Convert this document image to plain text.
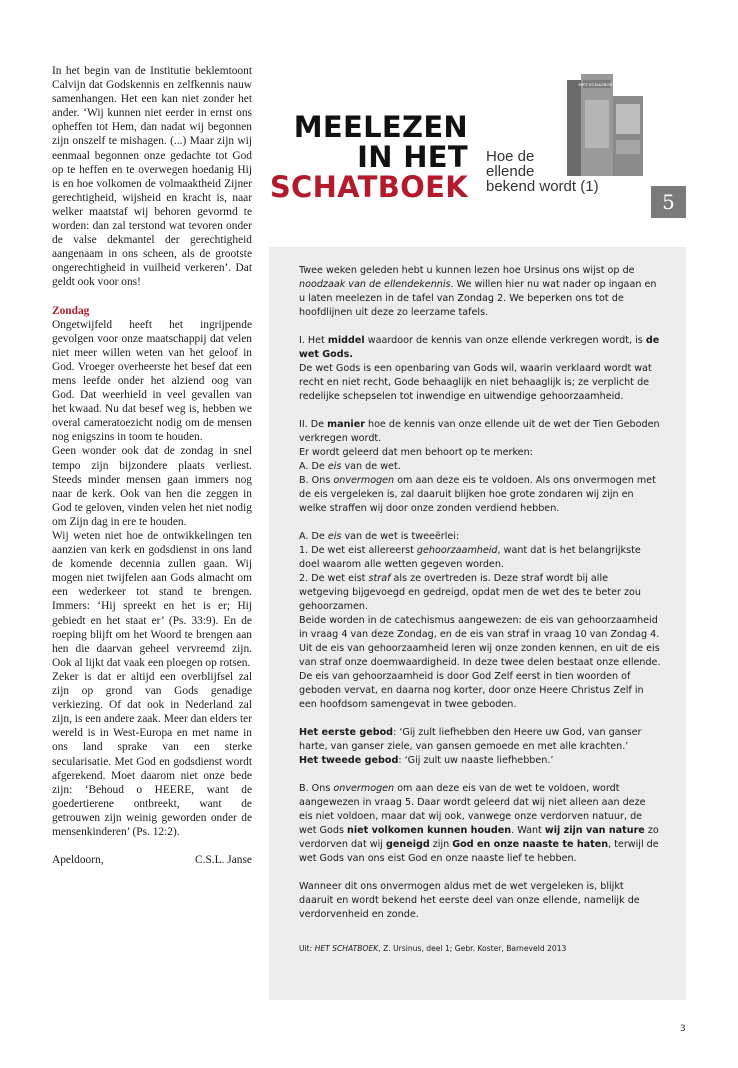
In het begin van de Institutie beklemtoont Calvijn dat Godskennis en zelfkennis nauw samenhangen. Het een kan niet zonder het ander. ‘Wij kunnen niet eerder in ernst ons opheffen tot Hem, dan nadat wij begonnen zijn onszelf te mishagen. (...) Maar zijn wij eenmaal begonnen onze gedachte tot God op te heffen en te overwegen hoedanig Hij is en hoe volkomen de volmaaktheid Zijner gerechtigheid, wijsheid en kracht is, naar welker maatstaf wij behoren gevormd te worden: dan zal terstond wat tevoren onder de valse dekmantel der gerechtigheid aangenaam in ons scheen, als de grootste ongerechtigheid in vuilheid verkeren’. Dat geldt ook voor ons!

Zondag

Ongetwijfeld heeft het ingrijpende gevolgen voor onze maatschappij dat velen niet meer willen weten van het geloof in God. Vroeger overheerste het besef dat een mens leefde onder het alziend oog van God. Dat weerhield in veel gevallen van het kwaad. Nu dat besef weg is, hebben we overal cameratoezicht nodig om de mensen nog enigszins in toom te houden.

Geen wonder ook dat de zondag in snel tempo zijn bijzondere plaats verliest. Steeds minder mensen gaan immers nog naar de kerk. Ook van hen die zeggen in God te geloven, vinden velen het niet nodig om Zijn dag in ere te houden.

Wij weten niet hoe de ontwikkelingen ten aanzien van kerk en godsdienst in ons land de komende decennia zullen gaan. Wij mogen niet twijfelen aan Gods almacht om een wederkeer tot stand te brengen. Immers: ‘Hij spreekt en het is er; Hij gebiedt en het staat er’ (Ps. 33:9). En de roeping blijft om het Woord te brengen aan hen die daarvan geheel vervreemd zijn. Ook al lijkt dat vaak een ploegen op rotsen.

Zeker is dat er altijd een overblijfsel zal zijn op grond van Gods genadige verkiezing. Of dat ook in Nederland zal zijn, is een andere zaak. Meer dan elders ter wereld is in West-Europa en met name in ons land sprake van een sterke secularisatie. Met God en godsdienst wordt afgerekend. Moet daarom niet onze bede zijn: ‘Behoud o HEERE, want de goedertierene ontbreekt, want de getrouwen zijn weinig geworden onder de mensenkinderen’ (Ps. 12:2).

Apeldoorn,	C.S.L. Janse
MEELEZEN
IN HET
SCHATBOEK
Hoe de
ellende
bekend wordt (1)
HET SCHATBOEK
5

Twee weken geleden hebt u kunnen lezen hoe Ursinus ons wijst op de noodzaak van de ellendekennis. We willen hier nu wat nader op ingaan en u laten meelezen in de tafel van Zondag 2. We beperken ons tot de hoofdlijnen uit deze zo leerzame tafels.

I. Het middel waardoor de kennis van onze ellende verkregen wordt, is de wet Gods.
De wet Gods is een openbaring van Gods wil, waarin verklaard wordt wat recht en niet recht, Gode behaaglijk en niet behaaglijk is; ze verplicht de redelijke schepselen tot inwendige en uitwendige gehoorzaamheid.

II. De manier hoe de kennis van onze ellende uit de wet der Tien Geboden verkregen wordt.
Er wordt geleerd dat men behoort op te merken:
A. De eis van de wet.
B. Ons onvermogen om aan deze eis te voldoen. Als ons onvermogen met de eis vergeleken is, zal daaruit blijken hoe grote zondaren wij zijn en welke straffen wij door onze zonden verdiend hebben.

A. De eis van de wet is tweeërlei:
1. De wet eist allereerst gehoorzaamheid, want dat is het belangrijkste doel waarom alle wetten gegeven worden.
2. De wet eist straf als ze overtreden is. Deze straf wordt bij alle wetgeving bijgevoegd en gedreigd, opdat men de wet des te beter zou gehoorzamen.
Beide worden in de catechismus aangewezen: de eis van gehoorzaamheid in vraag 4 van deze Zondag, en de eis van straf in vraag 10 van Zondag 4.
Uit de eis van gehoorzaamheid leren wij onze zonden kennen, en uit de eis van straf onze doemwaardigheid. In deze twee delen bestaat onze ellende.
De eis van gehoorzaamheid is door God Zelf eerst in tien woorden of geboden vervat, en daarna nog korter, door onze Heere Christus Zelf in een hoofdsom samengevat in twee geboden.

Het eerste gebod: ‘Gij zult liefhebben den Heere uw God, van ganser harte, van ganser ziele, van gansen gemoede en met alle krachten.’
Het tweede gebod: ‘Gij zult uw naaste liefhebben.’

B. Ons onvermogen om aan deze eis van de wet te voldoen, wordt aangewezen in vraag 5. Daar wordt geleerd dat wij niet alleen aan deze eis niet voldoen, maar dat wij ook, vanwege onze verdorven natuur, de wet Gods niet volkomen kunnen houden. Want wij zijn van nature zo verdorven dat wij geneigd zijn God en onze naaste te haten, terwijl de wet Gods van ons eist God en onze naaste lief te hebben.

Wanneer dit ons onvermogen aldus met de wet vergeleken is, blijkt daaruit en wordt bekend het eerste deel van onze ellende, namelijk de verdorvenheid en zonde.

Uit: HET SCHATBOEK, Z. Ursinus, deel 1; Gebr. Koster, Barneveld 2013

3
